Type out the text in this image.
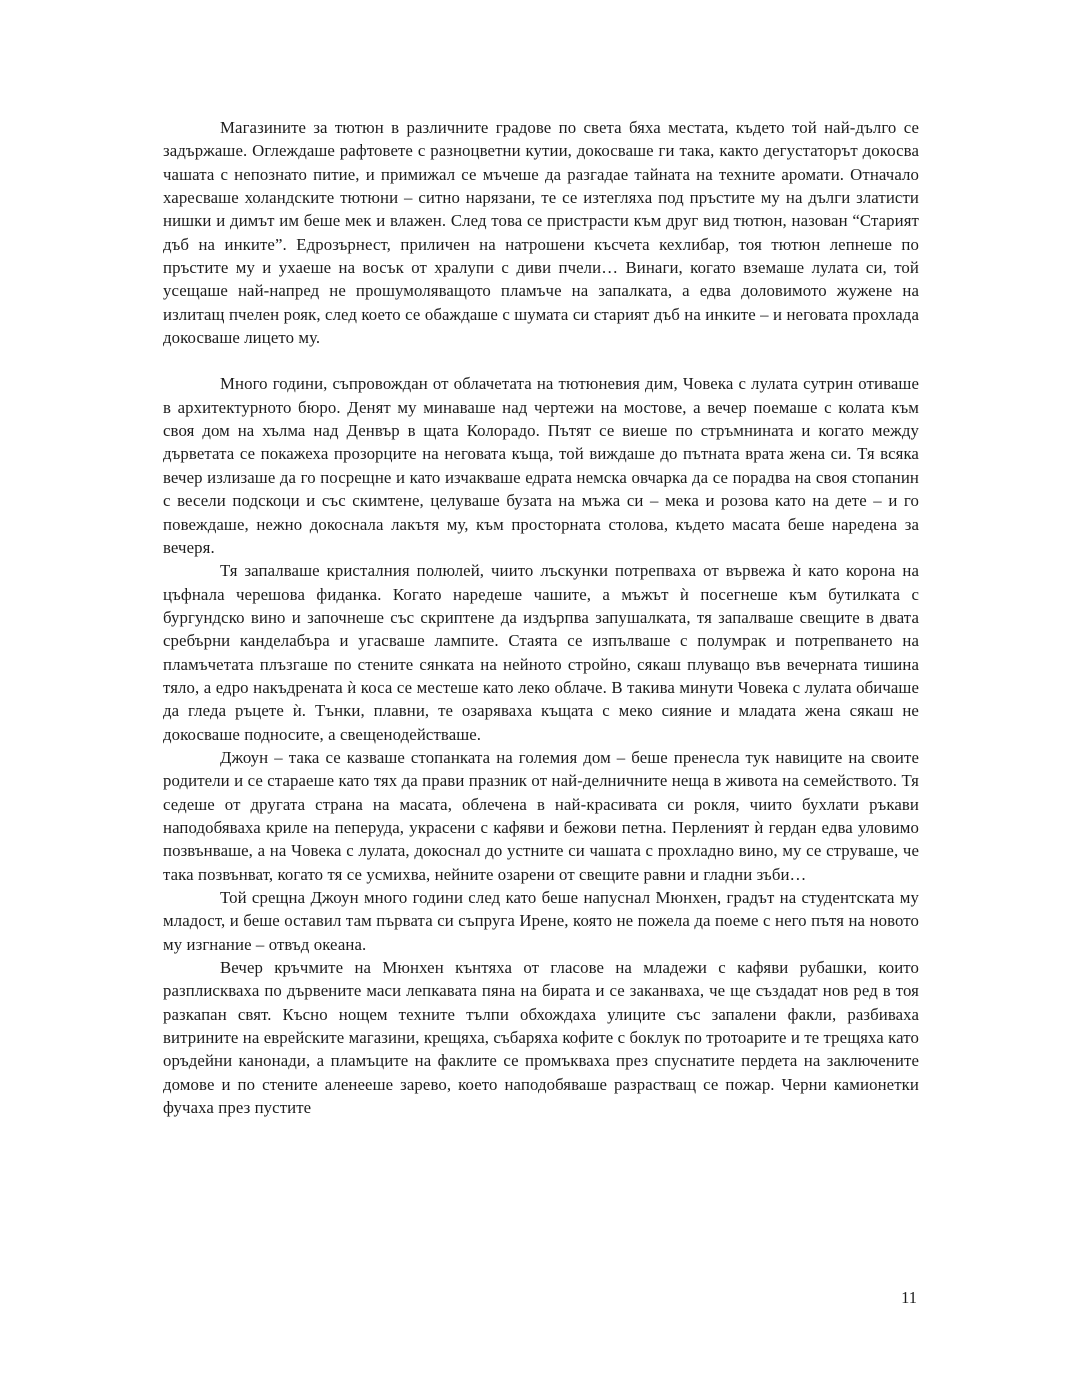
Магазините за тютюн в различните градове по света бяха местата, където той най-дълго се задържаше. Оглеждаше рафтовете с разноцветни кутии, докосваше ги така, както дегустаторът докосва чашата с непознато питие, и примижал се мъчеше да разгадае тайната на техните аромати. Отначало харесваше холандските тютюни – ситно нарязани, те се изтегляха под пръстите му на дълги златисти нишки и димът им беше мек и влажен. След това се пристрасти към друг вид тютюн, назован “Старият дъб на инките”. Едрозърнест, приличен на натрошени късчета кехлибар, тоя тютюн лепнеше по пръстите му и ухаеше на восък от хралупи с диви пчели… Винаги, когато вземаше лулата си, той усещаше най-напред не прошумоляващото пламъче на запалката, а едва доловимото жужене на излитащ пчелен рояк, след което се обаждаше с шумата си старият дъб на инките – и неговата прохлада докосваше лицето му.

Много години, съпровождан от облачетата на тютюневия дим, Човека с лулата сутрин отиваше в архитектурното бюро. Денят му минаваше над чертежи на мостове, а вечер поемаше с колата към своя дом на хълма над Денвър в щата Колорадо. Пътят се виеше по стръмнината и когато между дърветата се покажеха прозорците на неговата къща, той виждаше до пътната врата жена си. Тя всяка вечер излизаше да го посрещне и като изчакваше едрата немска овчарка да се порадва на своя стопанин с весели подскоци и със скимтене, целуваше бузата на мъжа си – мека и розова като на дете – и го повеждаше, нежно докоснала лакътя му, към просторната столова, където масата беше наредена за вечеря.

Тя запалваше кристалния полюлей, чиито лъскунки потрепваха от вървежа ѝ като корона на цъфнала черешова фиданка. Когато наредеше чашите, а мъжът ѝ посегнеше към бутилката с бургундско вино и започнеше със скриптене да издърпва запушалката, тя запалваше свещите в двата сребърни канделабъра и угасваше лампите. Стаята се изпълваше с полумрак и потрепването на пламъчетата плъзгаше по стените сянката на нейното стройно, сякаш плуващо във вечерната тишина тяло, а едро накъдрената ѝ коса се местеше като леко облаче. В такива минути Човека с лулата обичаше да гледа ръцете ѝ. Тънки, плавни, те озаряваха къщата с меко сияние и младата жена сякаш не докосваше подносите, а свещенодействаше.

Джоун – така се казваше стопанката на големия дом – беше пренесла тук навиците на своите родители и се стараеше като тях да прави празник от най-делничните неща в живота на семейството. Тя седеше от другата страна на масата, облечена в най-красивата си рокля, чиито бухлати ръкави наподобяваха криле на пеперуда, украсени с кафяви и бежови петна. Перленият ѝ гердан едва уловимо позвънваше, а на Човека с лулата, докоснал до устните си чашата с прохладно вино, му се струваше, че така позвънват, когато тя се усмихва, нейните озарени от свещите равни и гладни зъби…

Той срещна Джоун много години след като беше напуснал Мюнхен, градът на студентската му младост, и беше оставил там първата си съпруга Ирене, която не пожела да поеме с него пътя на новото му изгнание – отвъд океана.

Вечер кръчмите на Мюнхен кънтяха от гласове на младежи с кафяви рубашки, които разплискваха по дървените маси лепкавата пяна на бирата и се заканваха, че ще създадат нов ред в тоя разкапан свят. Късно нощем техните тълпи обхождаха улиците със запалени факли, разбиваха витрините на еврейските магазини, крещяха, събаряха кофите с боклук по тротоарите и те трещяха като оръдейни канонади, а пламъците на факлите се промъкваха през спуснатите пердета на заключените домове и по стените аленееше зарево, което наподобяваше разрастващ се пожар. Черни камионетки фучаха през пустите

11
